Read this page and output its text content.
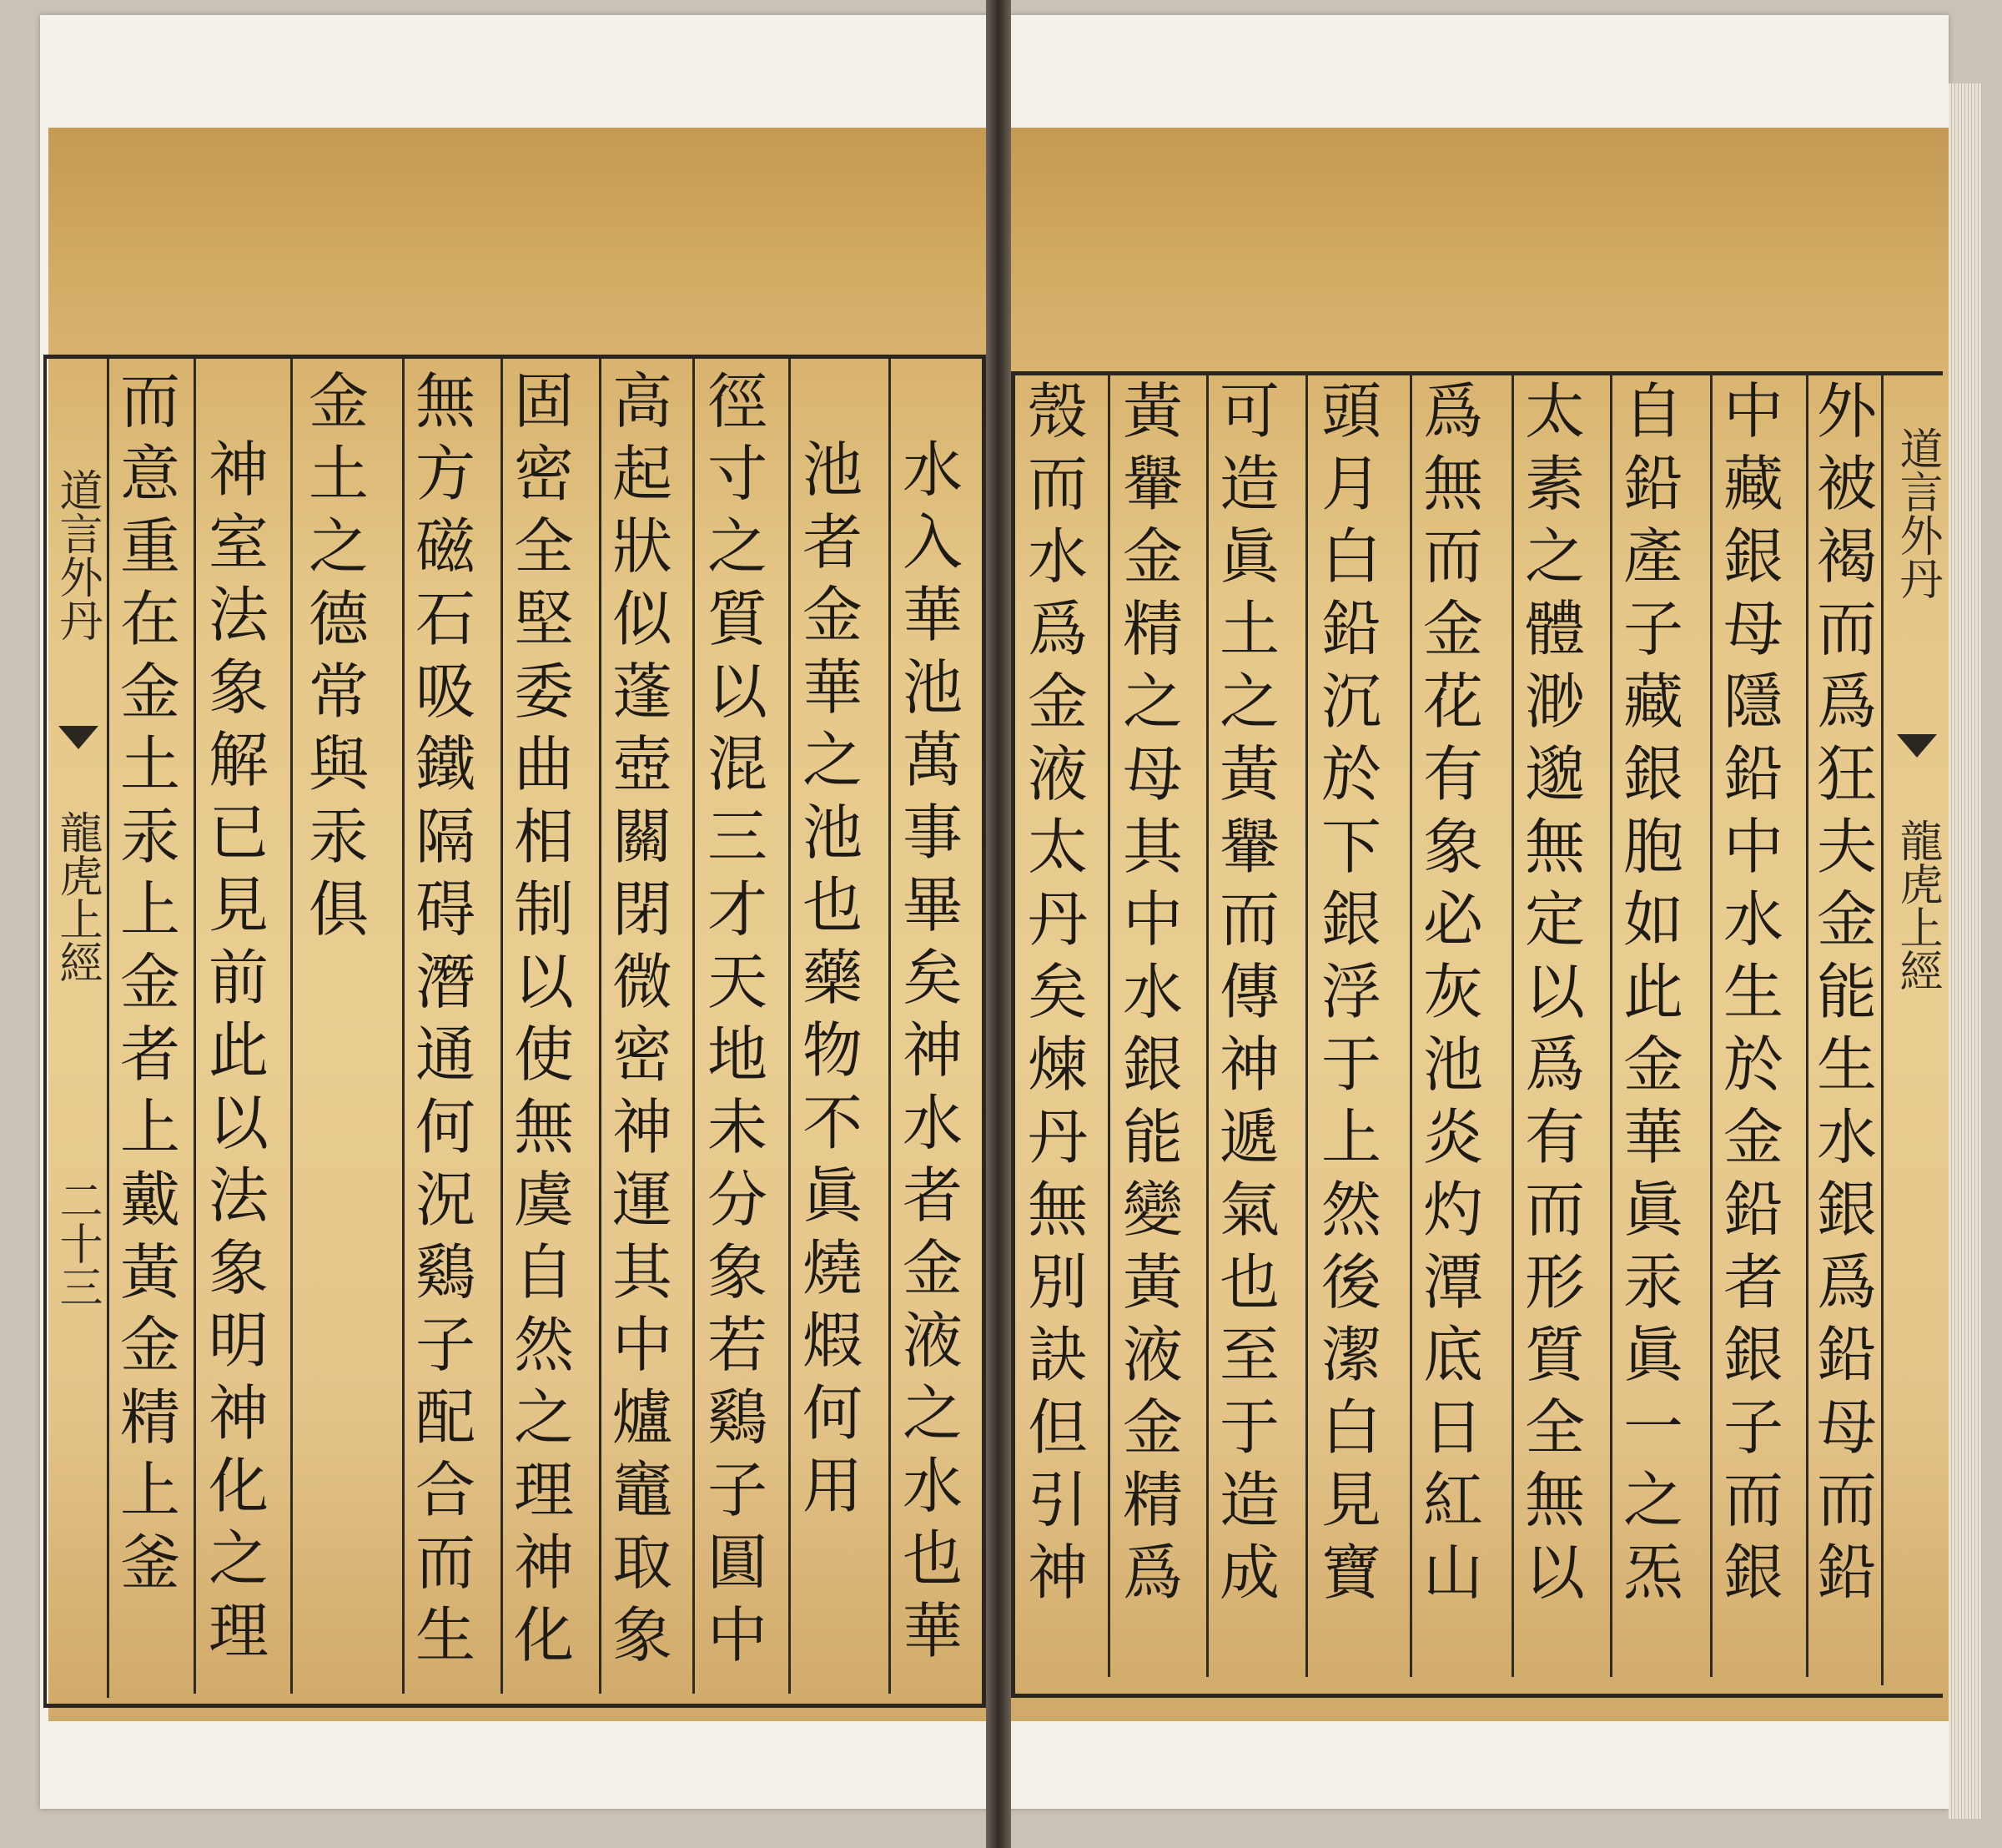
道言外丹
龍虎上經
二十三
水
入
華
池
萬
事
畢
矣
神
水
者
金
液
之
水
也
華
池
者
金
華
之
池
也
藥
物
不
眞
燒
煆
何
用
徑
寸
之
質
以
混
三
才
天
地
未
分
象
若
鷄
子
圓
中
高
起
狀
似
蓬
壺
關
閉
微
密
神
運
其
中
爐
竈
取
象
固
密
全
堅
委
曲
相
制
以
使
無
虞
自
然
之
理
神
化
無
方
磁
石
吸
鐵
隔
碍
潛
通
何
況
鷄
子
配
合
而
生
金
土
之
德
常
與
汞
俱
神
室
法
象
解
已
見
前
此
以
法
象
明
神
化
之
理
而
意
重
在
金
土
汞
上
金
者
上
戴
黃
金
精
上
釜
道言外丹
龍虎上經
外
被
褐
而
爲
狂
夫
金
能
生
水
銀
爲
鉛
母
而
鉛
中
藏
銀
母
隱
鉛
中
水
生
於
金
鉛
者
銀
子
而
銀
自
鉛
產
子
藏
銀
胞
如
此
金
華
眞
汞
眞
一
之
炁
太
素
之
體
渺
邈
無
定
以
爲
有
而
形
質
全
無
以
爲
無
而
金
花
有
象
必
灰
池
炎
灼
潭
底
日
紅
山
頭
月
白
鉛
沉
於
下
銀
浮
于
上
然
後
潔
白
見
寶
可
造
眞
土
之
黃
轝
而
傳
神
遞
氣
也
至
于
造
成
黃
轝
金
精
之
母
其
中
水
銀
能
變
黃
液
金
精
爲
殼
而
水
爲
金
液
太
丹
矣
煉
丹
無
別
訣
但
引
神
